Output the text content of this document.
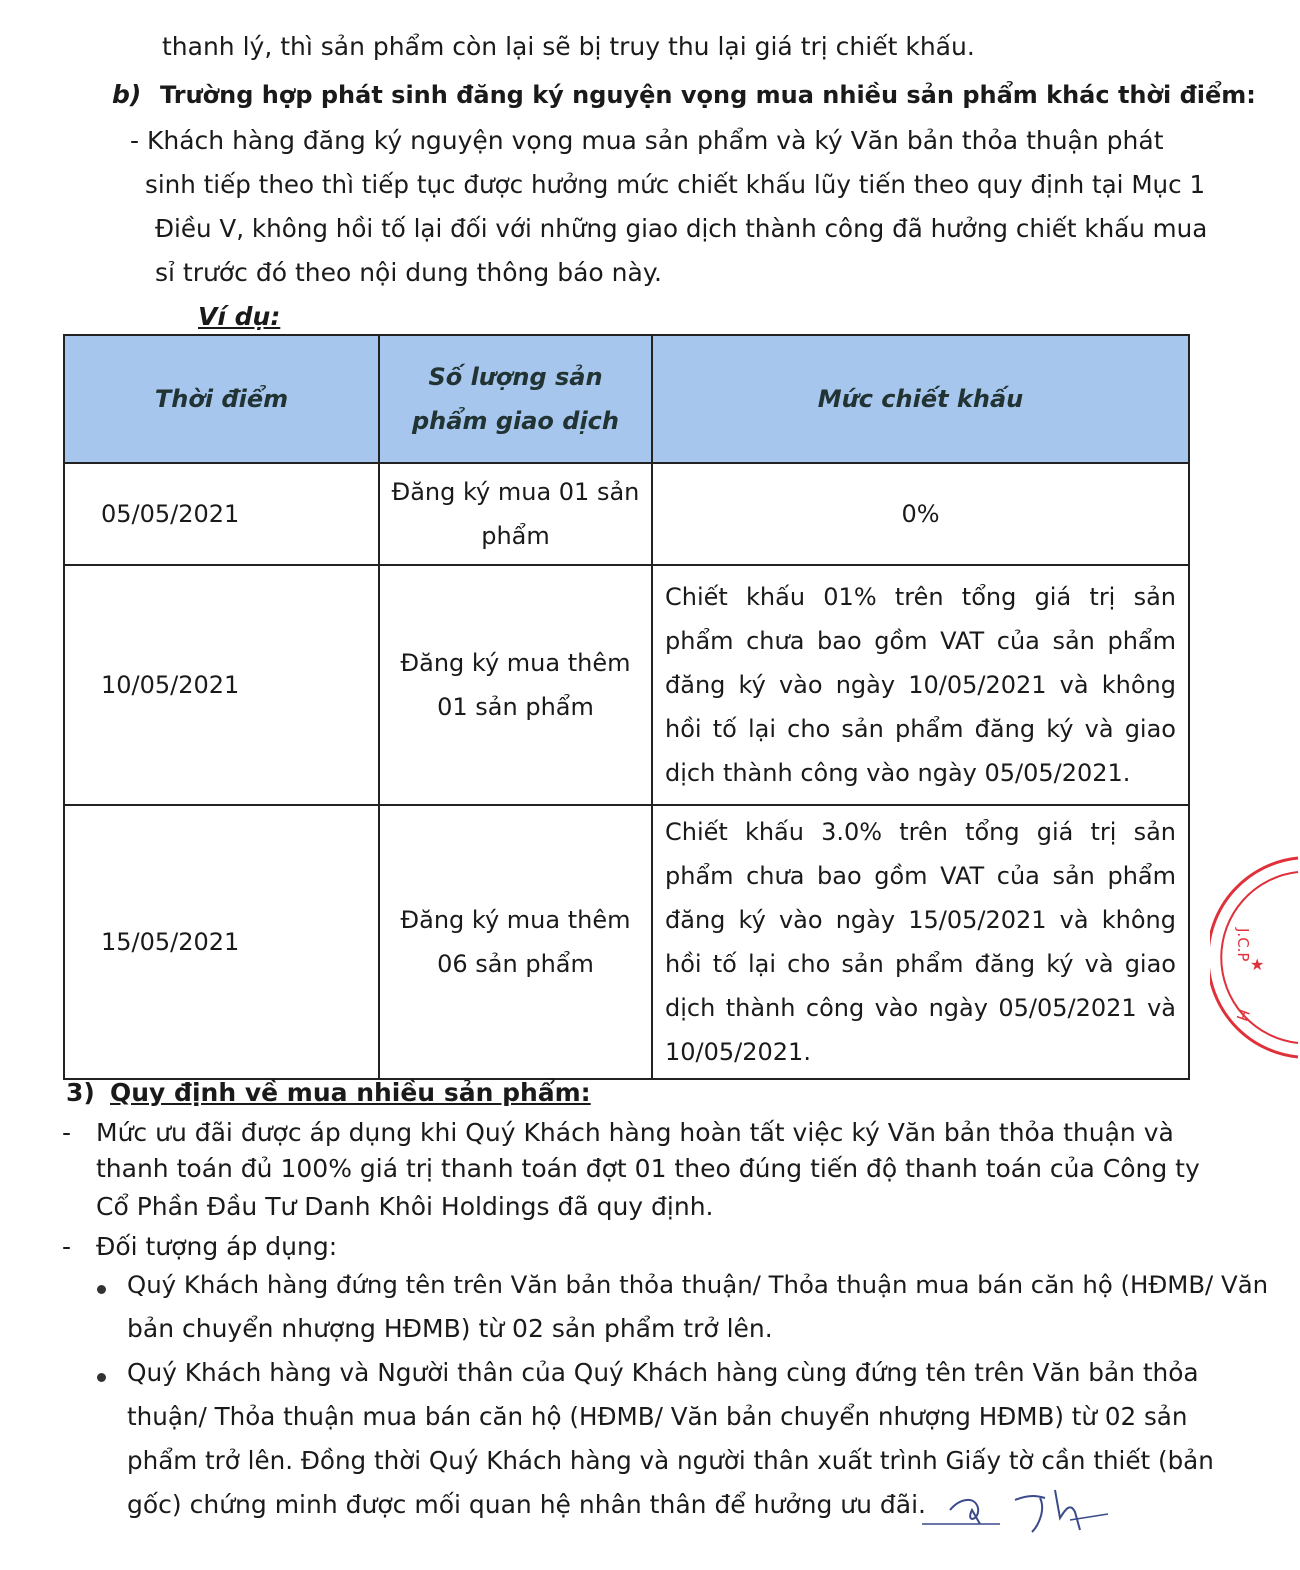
thanh lý, thì sản phẩm còn lại sẽ bị truy thu lại giá trị chiết khấu.
b) Trường hợp phát sinh đăng ký nguyện vọng mua nhiều sản phẩm khác thời điểm:
- Khách hàng đăng ký nguyện vọng mua sản phẩm và ký Văn bản thỏa thuận phát
sinh tiếp theo thì tiếp tục được hưởng mức chiết khấu lũy tiến theo quy định tại Mục 1
Điều V, không hồi tố lại đối với những giao dịch thành công đã hưởng chiết khấu mua
sỉ trước đó theo nội dung thông báo này.
Ví dụ:
Thời điểm	Số lượng sản phẩm giao dịch	Mức chiết khấu
05/05/2021	Đăng ký mua 01 sản phẩm	0%
10/05/2021	Đăng ký mua thêm 01 sản phẩm	Chiết khấu 01% trên tổng giá trị sản phẩm chưa bao gồm VAT của sản phẩm đăng ký vào ngày 10/05/2021 và không hồi tố lại cho sản phẩm đăng ký và giao dịch thành công vào ngày 05/05/2021.
15/05/2021	Đăng ký mua thêm 06 sản phẩm	Chiết khấu 3.0% trên tổng giá trị sản phẩm chưa bao gồm VAT của sản phẩm đăng ký vào ngày 15/05/2021 và không hồi tố lại cho sản phẩm đăng ký và giao dịch thành công vào ngày 05/05/2021 và 10/05/2021.
3) Quy định về mua nhiều sản phẩm:
- Mức ưu đãi được áp dụng khi Quý Khách hàng hoàn tất việc ký Văn bản thỏa thuận và
thanh toán đủ 100% giá trị thanh toán đợt 01 theo đúng tiến độ thanh toán của Công ty
Cổ Phần Đầu Tư Danh Khôi Holdings đã quy định.
- Đối tượng áp dụng:
Quý Khách hàng đứng tên trên Văn bản thỏa thuận/ Thỏa thuận mua bán căn hộ (HĐMB/ Văn
bản chuyển nhượng HĐMB) từ 02 sản phẩm trở lên.
Quý Khách hàng và Người thân của Quý Khách hàng cùng đứng tên trên Văn bản thỏa
thuận/ Thỏa thuận mua bán căn hộ (HĐMB/ Văn bản chuyển nhượng HĐMB) từ 02 sản
phẩm trở lên. Đồng thời Quý Khách hàng và người thân xuất trình Giấy tờ cần thiết (bản
gốc) chứng minh được mối quan hệ nhân thân để hưởng ưu đãi.
J.C.P
★
H
